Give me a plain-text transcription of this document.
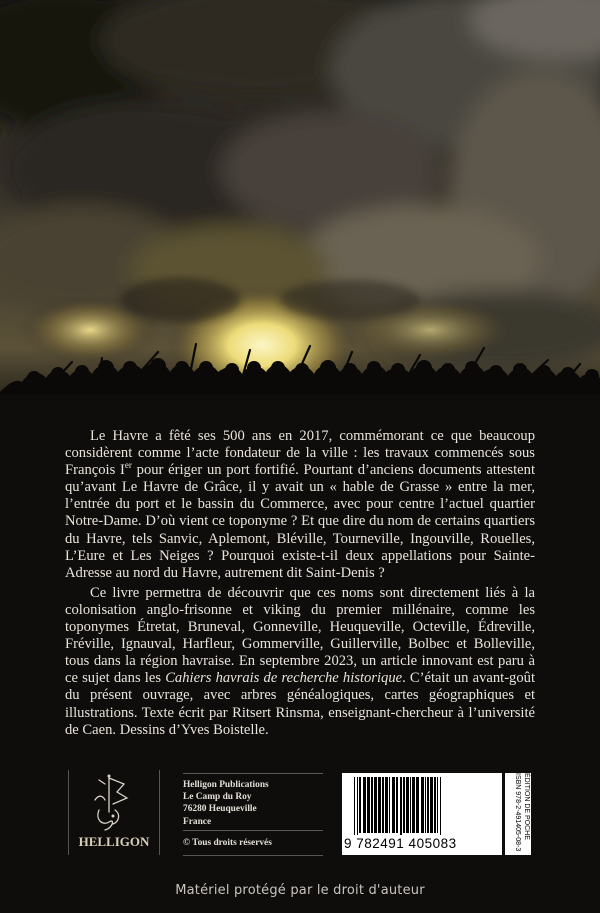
Le Havre a fêté ses 500 ans en 2017, commémorant ce que beaucoup considèrent comme l’acte fondateur de la ville : les travaux commencés sous François Ier pour ériger un port fortifié. Pourtant d’anciens documents attestent qu’avant Le Havre de Grâce, il y avait un « hable de Grasse » entre la mer, l’entrée du port et le bassin du Commerce, avec pour centre l’actuel quartier Notre-Dame. D’où vient ce toponyme ? Et que dire du nom de certains quartiers du Havre, tels Sanvic, Aplemont, Bléville, Tourneville, Ingouville, Rouelles, L’Eure et Les Neiges ? Pourquoi existe-t-il deux appellations pour Sainte-Adresse au nord du Havre, autrement dit Saint-Denis ?

Ce livre permettra de découvrir que ces noms sont directement liés à la colonisation anglo-frisonne et viking du premier millénaire, comme les toponymes Étretat, Bruneval, Gonneville, Heuqueville, Octeville, Édreville, Fréville, Ignauval, Harfleur, Gommerville, Guillerville, Bolbec et Bolleville, tous dans la région havraise. En septembre 2023, un article innovant est paru à ce sujet dans les Cahiers havrais de recherche historique. C’était un avant-goût du présent ouvrage, avec arbres généalogiques, cartes géographiques et illustrations. Texte écrit par Ritsert Rinsma, enseignant-chercheur à l’université de Caen. Dessins d’Yves Boistelle.

HELLIGON
Helligon Publications
Le Camp du Roy
76280 Heuqueville
France
© Tous droits réservés	9 782491 405083
ÉDITION DE POCHE
ISBN 978-2-491405-08-3
Matériel protégé par le droit d'auteur
